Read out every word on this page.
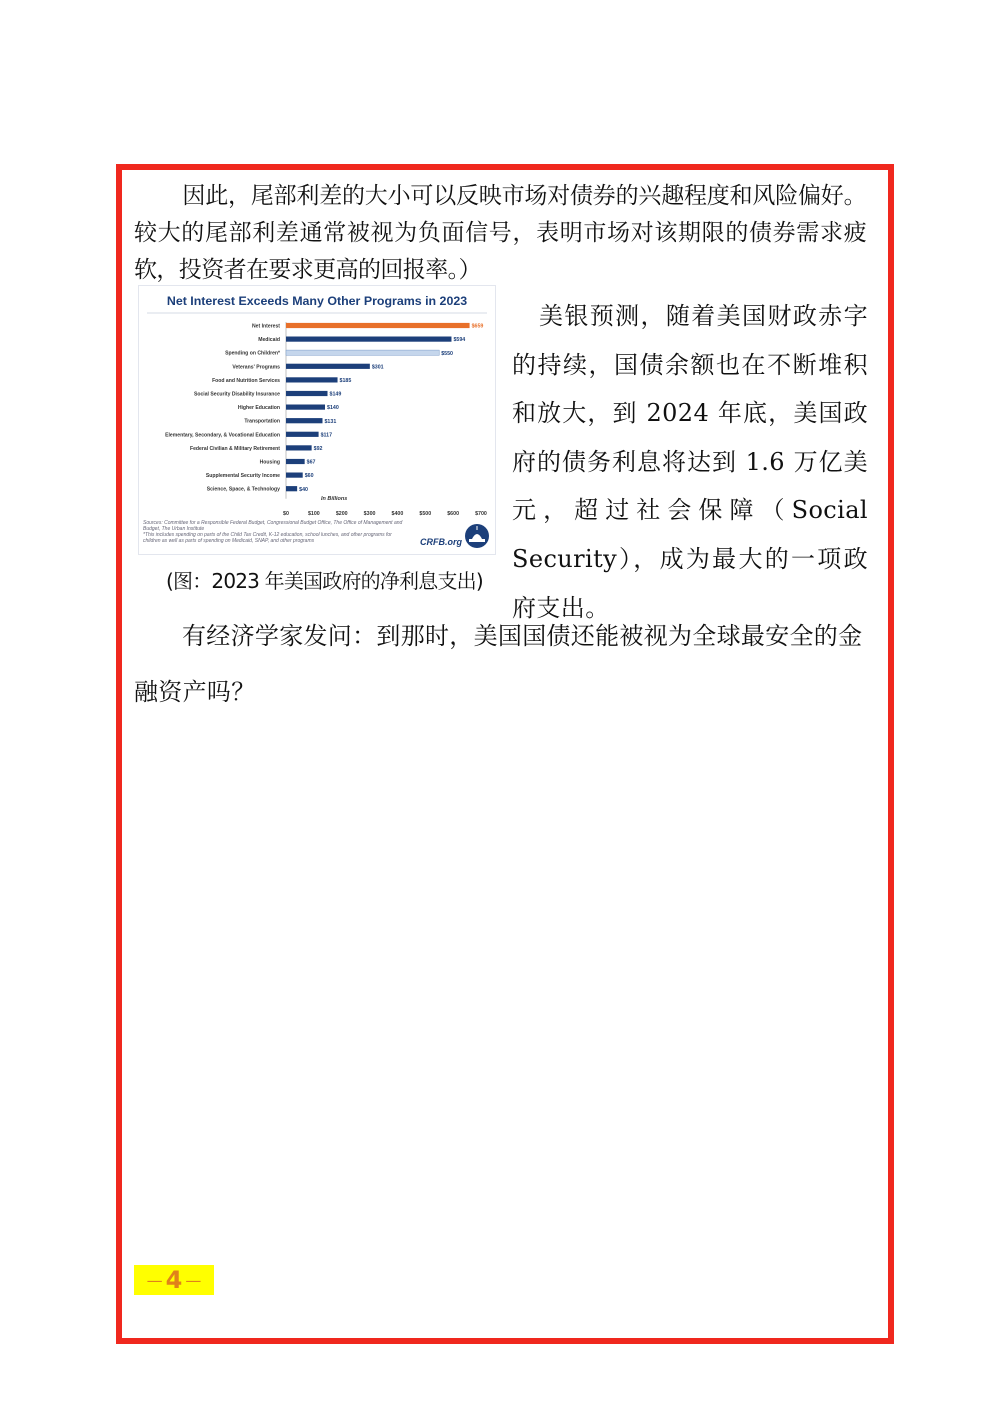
因此，尾部利差的大小可以反映市场对债券的兴趣程度和风险偏好。较大的尾部利差通常被视为负面信号，表明市场对该期限的债券需求疲软，投资者在要求更高的回报率。）

Net Interest Exceeds Many Other Programs in 2023
Net Interest	$659
Medicaid	$594
Spending on Children*	$550
Veterans' Programs	$301
Food and Nutrition Services	$185
Social Security Disability Insurance	$149
Higher Education	$140
Transportation	$131
Elementary, Secondary, & Vocational Education	$117
Federal Civilian & Military Retirement	$92
Housing	$67
Supplemental Security Income	$60
Science, Space, & Technology	$40
$0	$100	$200	$300	$400	$500	$600	$700
In Billions
Sources: Committee for a Responsible Federal Budget, Congressional Budget Office, The Office of Management and Budget, The Urban Institute
*This includes spending on parts of the Child Tax Credit, K-12 education, school lunches, and other programs for children as well as parts of spending on Medicaid, SNAP, and other programs	CRFB.org

(图：2023 年美国政府的净利息支出)

美银预测，随着美国财政赤字的持续，国债余额也在不断堆积和放大，到 2024 年底，美国政府的债务利息将达到 1.6 万亿美元，超过社会保障（Social Security），成为最大的一项政府支出。

有经济学家发问：到那时，美国国债还能被视为全球最安全的金融资产吗？

— 4 —
